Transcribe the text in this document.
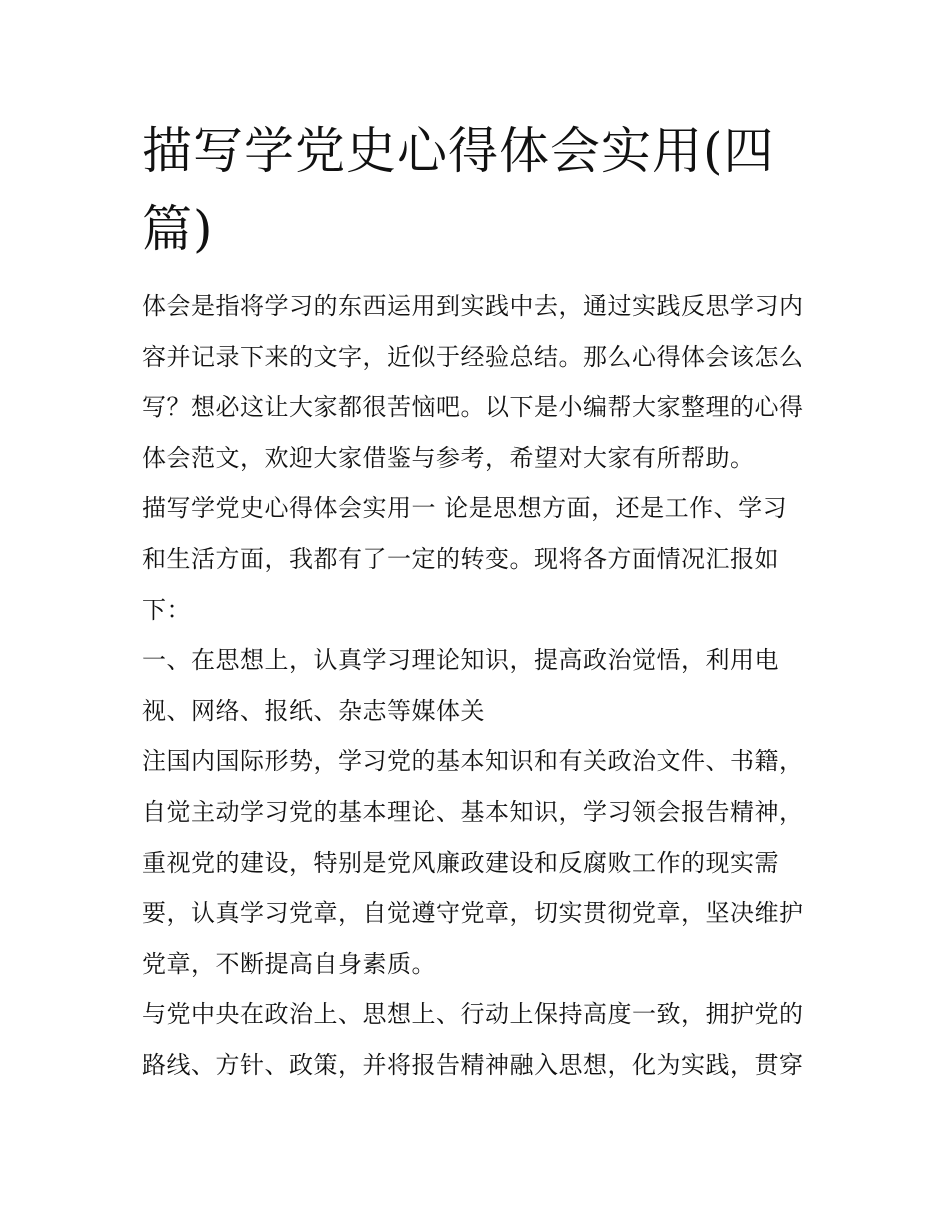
描写学党史心得体会实用(四
篇)
体会是指将学习的东西运用到实践中去，通过实践反思学习内
容并记录下来的文字，近似于经验总结。那么心得体会该怎么
写？想必这让大家都很苦恼吧。以下是小编帮大家整理的心得
体会范文，欢迎大家借鉴与参考，希望对大家有所帮助。
描写学党史心得体会实用一 论是思想方面，还是工作、学习
和生活方面，我都有了一定的转变。现将各方面情况汇报如
下：
一、在思想上，认真学习理论知识，提高政治觉悟，利用电
视、网络、报纸、杂志等媒体关
注国内国际形势，学习党的基本知识和有关政治文件、书籍，
自觉主动学习党的基本理论、基本知识，学习领会报告精神，
重视党的建设，特别是党风廉政建设和反腐败工作的现实需
要，认真学习党章，自觉遵守党章，切实贯彻党章，坚决维护
党章，不断提高自身素质。
与党中央在政治上、思想上、行动上保持高度一致，拥护党的
路线、方针、政策，并将报告精神融入思想，化为实践，贯穿
